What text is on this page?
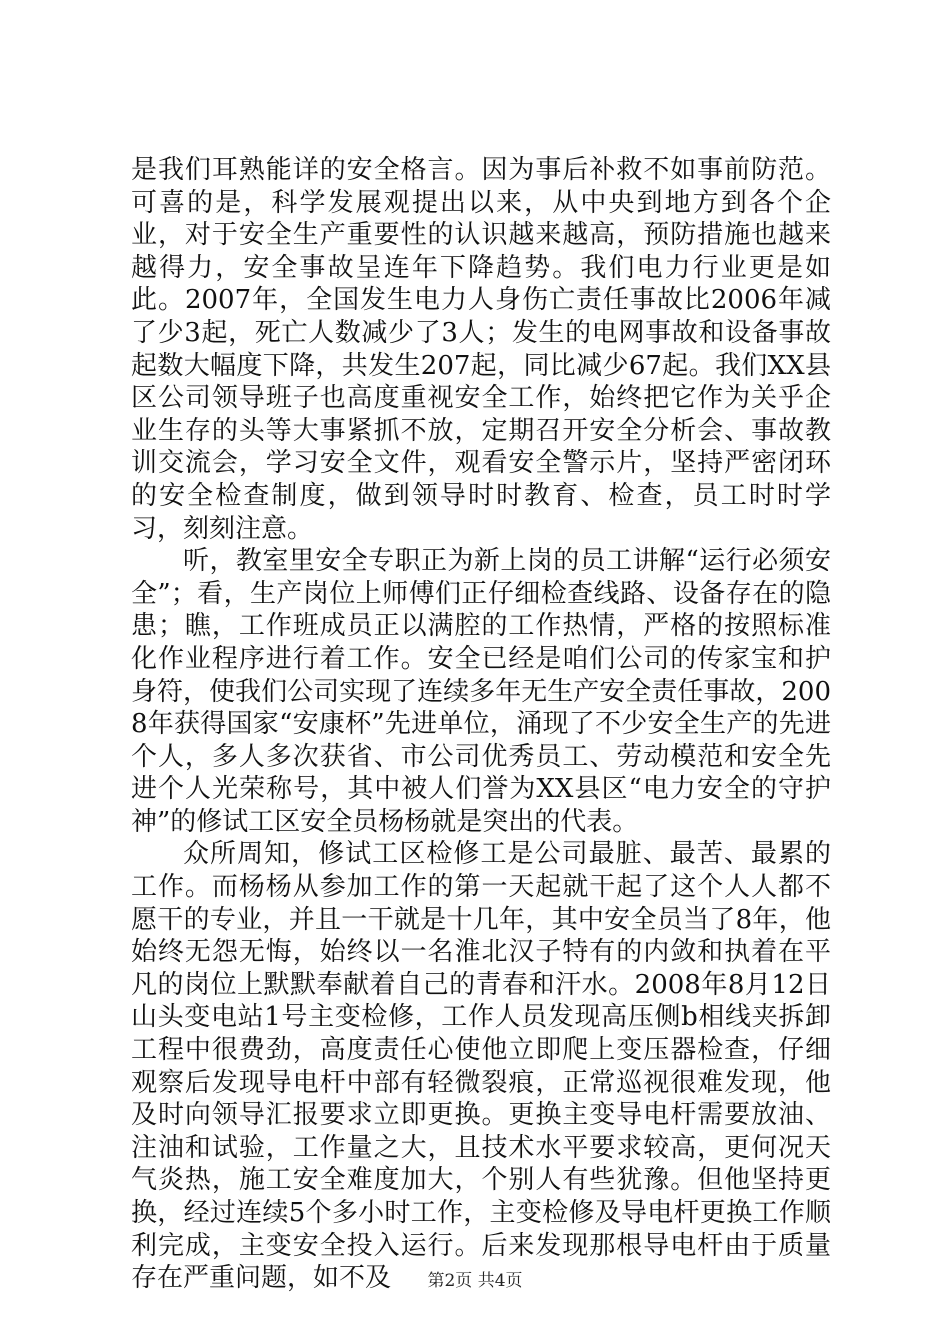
是我们耳熟能详的安全格言。因为事后补救不如事前防范。可喜的是，科学发展观提出以来，从中央到地方到各个企业，对于安全生产重要性的认识越来越高，预防措施也越来越得力，安全事故呈连年下降趋势。我们电力行业更是如此。2007年，全国发生电力人身伤亡责任事故比2006年减了少3起，死亡人数减少了3人；发生的电网事故和设备事故起数大幅度下降，共发生207起，同比减少67起。我们XX县区公司领导班子也高度重视安全工作，始终把它作为关乎企业生存的头等大事紧抓不放，定期召开安全分析会、事故教训交流会，学习安全文件，观看安全警示片，坚持严密闭环的安全检查制度，做到领导时时教育、检查，员工时时学习，刻刻注意。

听，教室里安全专职正为新上岗的员工讲解“运行必须安全”；看，生产岗位上师傅们正仔细检查线路、设备存在的隐患；瞧，工作班成员正以满腔的工作热情，严格的按照标准化作业程序进行着工作。安全已经是咱们公司的传家宝和护身符，使我们公司实现了连续多年无生产安全责任事故，2008年获得国家“安康杯”先进单位，涌现了不少安全生产的先进个人，多人多次获省、市公司优秀员工、劳动模范和安全先进个人光荣称号，其中被人们誉为XX县区“电力安全的守护神”的修试工区安全员杨杨就是突出的代表。

众所周知，修试工区检修工是公司最脏、最苦、最累的工作。而杨杨从参加工作的第一天起就干起了这个人人都不愿干的专业，并且一干就是十几年，其中安全员当了8年，他始终无怨无悔，始终以一名淮北汉子特有的内敛和执着在平凡的岗位上默默奉献着自己的青春和汗水。2008年8月12日山头变电站1号主变检修，工作人员发现高压侧b相线夹拆卸工程中很费劲，高度责任心使他立即爬上变压器检查，仔细观察后发现导电杆中部有轻微裂痕，正常巡视很难发现，他及时向领导汇报要求立即更换。更换主变导电杆需要放油、注油和试验，工作量之大，且技术水平要求较高，更何况天气炎热，施工安全难度加大，个别人有些犹豫。但他坚持更换，经过连续5个多小时工作，主变检修及导电杆更换工作顺利完成，主变安全投入运行。后来发现那根导电杆由于质量存在严重问题，如不及	第2页 共4页
